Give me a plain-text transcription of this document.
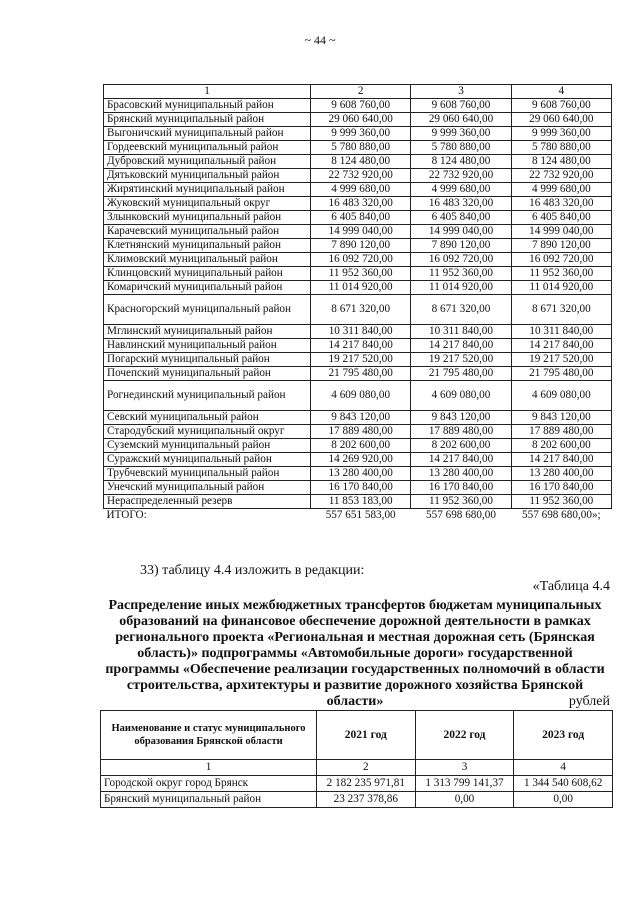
~ 44 ~
1	2	3	4
Брасовский муниципальный район	9 608 760,00	9 608 760,00	9 608 760,00
Брянский муниципальный район	29 060 640,00	29 060 640,00	29 060 640,00
Выгоничский муниципальный район	9 999 360,00	9 999 360,00	9 999 360,00
Гордеевский муниципальный район	5 780 880,00	5 780 880,00	5 780 880,00
Дубровский муниципальный район	8 124 480,00	8 124 480,00	8 124 480,00
Дятьковский муниципальный район	22 732 920,00	22 732 920,00	22 732 920,00
Жирятинский муниципальный район	4 999 680,00	4 999 680,00	4 999 680,00
Жуковский муниципальный округ	16 483 320,00	16 483 320,00	16 483 320,00
Злынковский муниципальный район	6 405 840,00	6 405 840,00	6 405 840,00
Карачевский муниципальный район	14 999 040,00	14 999 040,00	14 999 040,00
Клетнянский муниципальный район	7 890 120,00	7 890 120,00	7 890 120,00
Климовский муниципальный район	16 092 720,00	16 092 720,00	16 092 720,00
Клинцовский муниципальный район	11 952 360,00	11 952 360,00	11 952 360,00
Комаричский муниципальный район	11 014 920,00	11 014 920,00	11 014 920,00
Красногорский муниципальный район	8 671 320,00	8 671 320,00	8 671 320,00
Мглинский муниципальный район	10 311 840,00	10 311 840,00	10 311 840,00
Навлинский муниципальный район	14 217 840,00	14 217 840,00	14 217 840,00
Погарский муниципальный район	19 217 520,00	19 217 520,00	19 217 520,00
Почепский муниципальный район	21 795 480,00	21 795 480,00	21 795 480,00
Рогнединский муниципальный район	4 609 080,00	4 609 080,00	4 609 080,00
Севский муниципальный район	9 843 120,00	9 843 120,00	9 843 120,00
Стародубский муниципальный округ	17 889 480,00	17 889 480,00	17 889 480,00
Суземский муниципальный район	8 202 600,00	8 202 600,00	8 202 600,00
Суражский муниципальный район	14 269 920,00	14 217 840,00	14 217 840,00
Трубчевский муниципальный район	13 280 400,00	13 280 400,00	13 280 400,00
Унечский муниципальный район	16 170 840,00	16 170 840,00	16 170 840,00
Нераспределенный резерв	11 853 183,00	11 952 360,00	11 952 360,00
ИТОГО:	557 651 583,00	557 698 680,00	557 698 680,00»;
33) таблицу 4.4 изложить в редакции:
«Таблица 4.4
Распределение иных межбюджетных трансфертов бюджетам муниципальных образований на финансовое обеспечение дорожной деятельности в рамках регионального проекта «Региональная и местная дорожная сеть (Брянская область)» подпрограммы «Автомобильные дороги» государственной программы «Обеспечение реализации государственных полномочий в области строительства, архитектуры и развитие дорожного хозяйства Брянской области»	рублей
Наименование и статус муниципального образования Брянской области	2021 год	2022 год	2023 год
1	2	3	4
Городской округ город Брянск	2 182 235 971,81	1 313 799 141,37	1 344 540 608,62
Брянский муниципальный район	23 237 378,86	0,00	0,00
